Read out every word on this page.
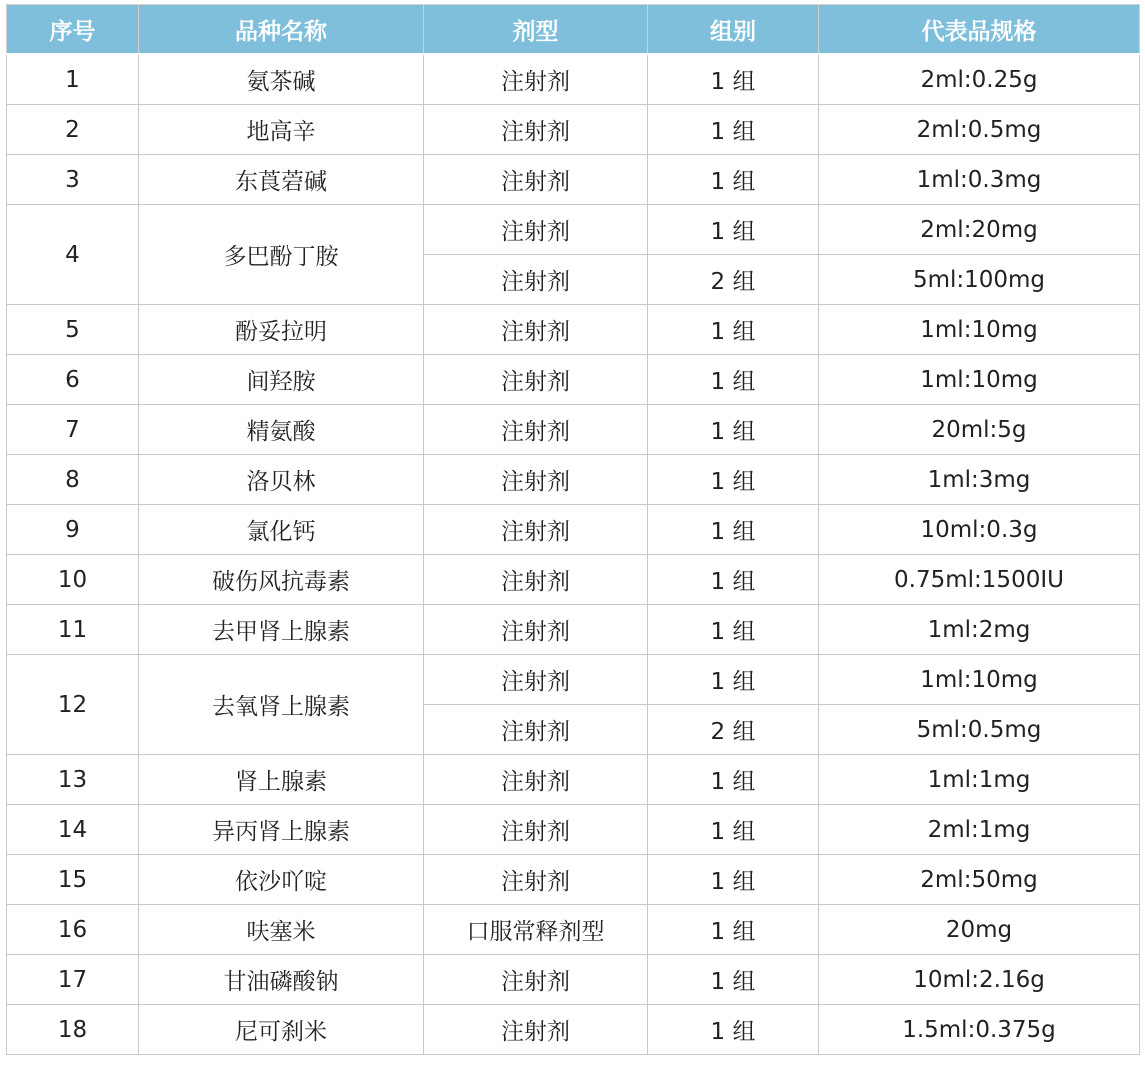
序号	品种名称	剂型	组别	代表品规格
1	氨茶碱	注射剂	1 组	2ml:0.25g
2	地高辛	注射剂	1 组	2ml:0.5mg
3	东莨菪碱	注射剂	1 组	1ml:0.3mg
4	多巴酚丁胺	注射剂	1 组	2ml:20mg
		注射剂	2 组	5ml:100mg
5	酚妥拉明	注射剂	1 组	1ml:10mg
6	间羟胺	注射剂	1 组	1ml:10mg
7	精氨酸	注射剂	1 组	20ml:5g
8	洛贝林	注射剂	1 组	1ml:3mg
9	氯化钙	注射剂	1 组	10ml:0.3g
10	破伤风抗毒素	注射剂	1 组	0.75ml:1500IU
11	去甲肾上腺素	注射剂	1 组	1ml:2mg
12	去氧肾上腺素	注射剂	1 组	1ml:10mg
		注射剂	2 组	5ml:0.5mg
13	肾上腺素	注射剂	1 组	1ml:1mg
14	异丙肾上腺素	注射剂	1 组	2ml:1mg
15	依沙吖啶	注射剂	1 组	2ml:50mg
16	呋塞米	口服常释剂型	1 组	20mg
17	甘油磷酸钠	注射剂	1 组	10ml:2.16g
18	尼可刹米	注射剂	1 组	1.5ml:0.375g
